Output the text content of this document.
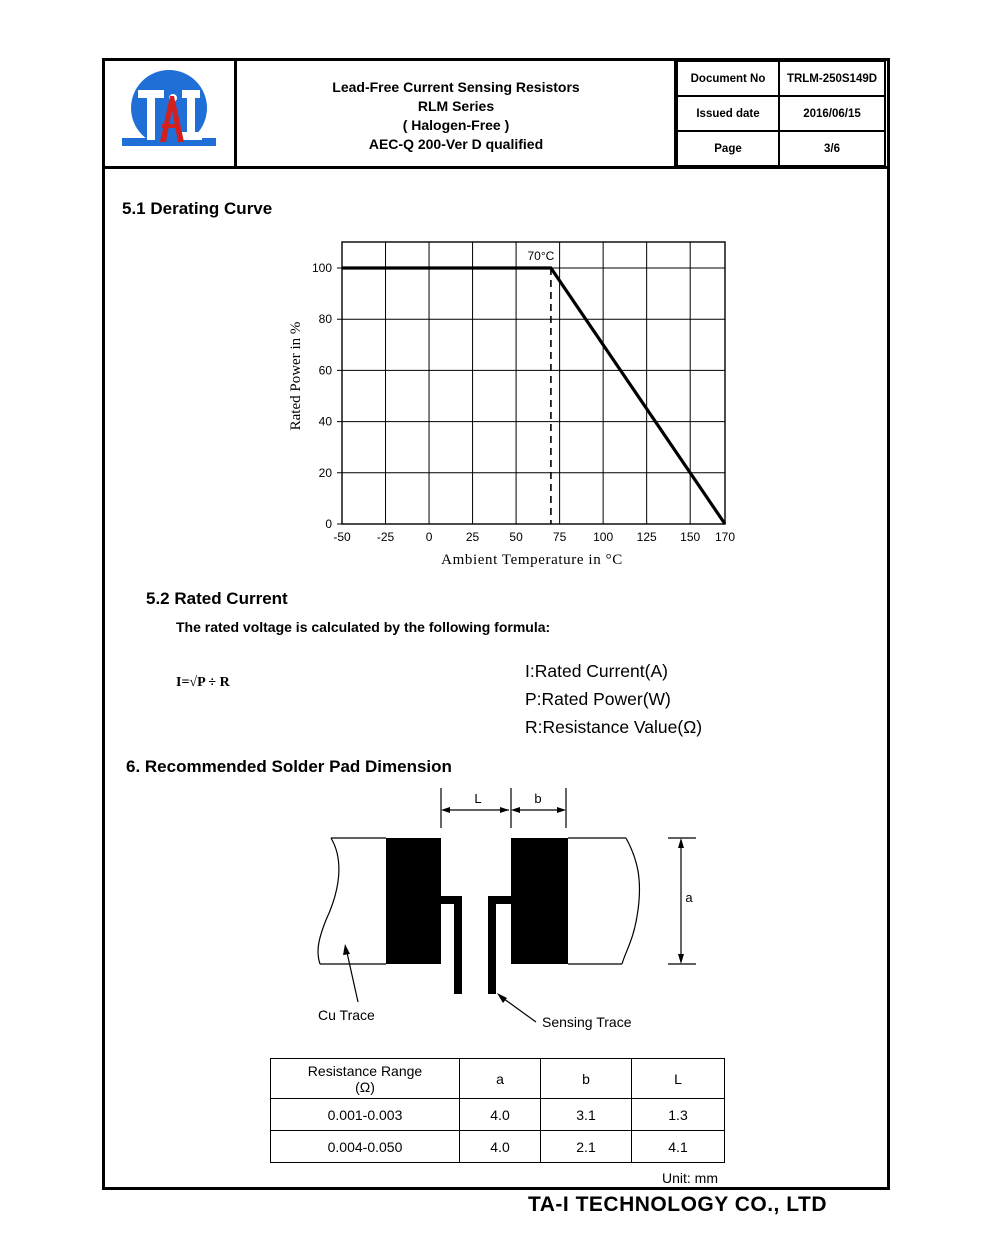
Lead-Free Current Sensing Resistors
RLM Series
( Halogen-Free )
AEC-Q 200-Ver D qualified
Document No	TRLM-250S149D
Issued date	2016/06/15
Page	3/6
5.1 Derating Curve
70°C
-50 -25	0	25	50	75 100 125 150 170
0
20
40
60
80
100
Rated Power in %
Ambient Temperature in °C
5.2 Rated Current
The rated voltage is calculated by the following formula:
I=√P ÷ R
I:Rated Current(A)
P:Rated Power(W)
R:Resistance Value(Ω)
6. Recommended Solder Pad Dimension
L	b
a
Cu Trace	Sensing Trace
Resistance Range
(Ω)	a	b	L
0.001-0.003	4.0	3.1	1.3
0.004-0.050	4.0	2.1	4.1
Unit: mm
TA-I TECHNOLOGY CO., LTD
